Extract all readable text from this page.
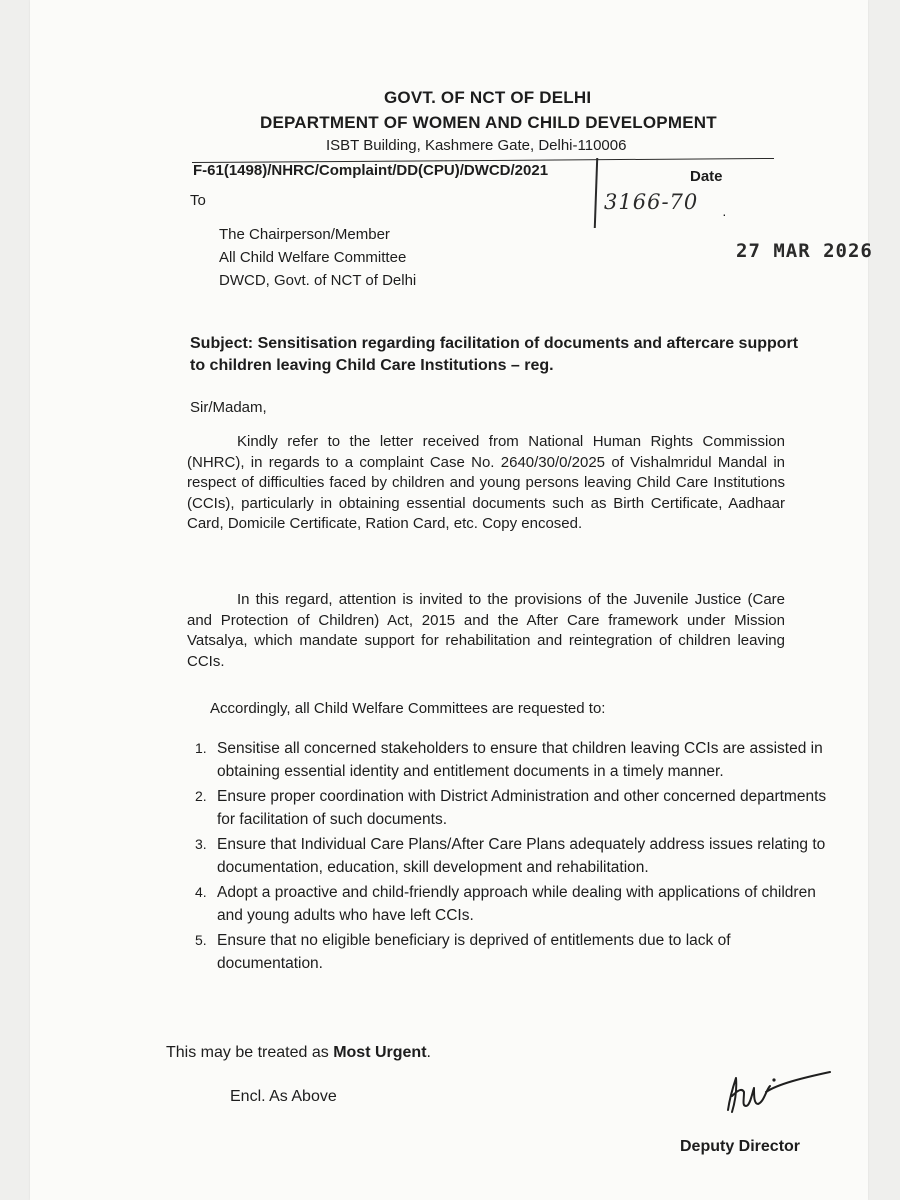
GOVT. OF NCT OF DELHI
DEPARTMENT OF WOMEN AND CHILD DEVELOPMENT
ISBT Building, Kashmere Gate, Delhi-110006
F-61(1498)/NHRC/Complaint/DD(CPU)/DWCD/2021	Date
To	3166-70 ·
The Chairperson/Member
All Child Welfare Committee
DWCD, Govt. of NCT of Delhi
27 MAR 2026
Subject: Sensitisation regarding facilitation of documents and aftercare support to children leaving Child Care Institutions – reg.
Sir/Madam,
Kindly refer to the letter received from National Human Rights Commission (NHRC), in regards to a complaint Case No. 2640/30/0/2025 of Vishalmridul Mandal in respect of difficulties faced by children and young persons leaving Child Care Institutions (CCIs), particularly in obtaining essential documents such as Birth Certificate, Aadhaar Card, Domicile Certificate, Ration Card, etc. Copy encosed.
In this regard, attention is invited to the provisions of the Juvenile Justice (Care and Protection of Children) Act, 2015 and the After Care framework under Mission Vatsalya, which mandate support for rehabilitation and reintegration of children leaving CCIs.
Accordingly, all Child Welfare Committees are requested to:
1. Sensitise all concerned stakeholders to ensure that children leaving CCIs are assisted in obtaining essential identity and entitlement documents in a timely manner.
2. Ensure proper coordination with District Administration and other concerned departments for facilitation of such documents.
3. Ensure that Individual Care Plans/After Care Plans adequately address issues relating to documentation, education, skill development and rehabilitation.
4. Adopt a proactive and child-friendly approach while dealing with applications of children and young adults who have left CCIs.
5. Ensure that no eligible beneficiary is deprived of entitlements due to lack of documentation.
This may be treated as Most Urgent.
Encl. As Above
Deputy Director
